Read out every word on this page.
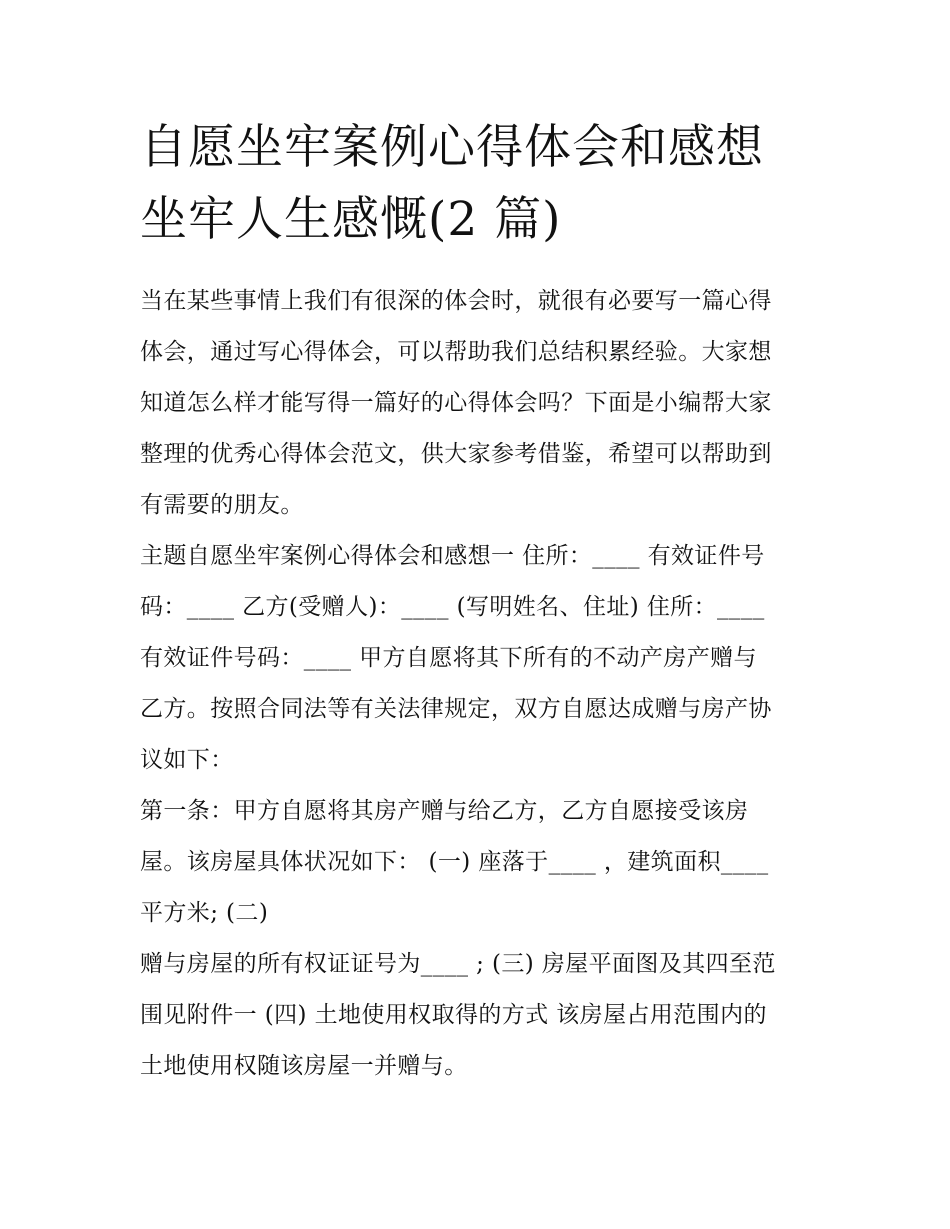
自愿坐牢案例心得体会和感想
坐牢人生感慨(2 篇)
当在某些事情上我们有很深的体会时，就很有必要写一篇心得
体会，通过写心得体会，可以帮助我们总结积累经验。大家想
知道怎么样才能写得一篇好的心得体会吗？下面是小编帮大家
整理的优秀心得体会范文，供大家参考借鉴，希望可以帮助到
有需要的朋友。
主题自愿坐牢案例心得体会和感想一 住所：____ 有效证件号
码：____ 乙方(受赠人)：____ (写明姓名、住址) 住所：____
有效证件号码：____ 甲方自愿将其下所有的不动产房产赠与
乙方。按照合同法等有关法律规定，双方自愿达成赠与房产协
议如下：
第一条：甲方自愿将其房产赠与给乙方，乙方自愿接受该房
屋。该房屋具体状况如下： (一) 座落于____ ，建筑面积____
平方米; (二)
赠与房屋的所有权证证号为____ ; (三) 房屋平面图及其四至范
围见附件一 (四) 土地使用权取得的方式 该房屋占用范围内的
土地使用权随该房屋一并赠与。
